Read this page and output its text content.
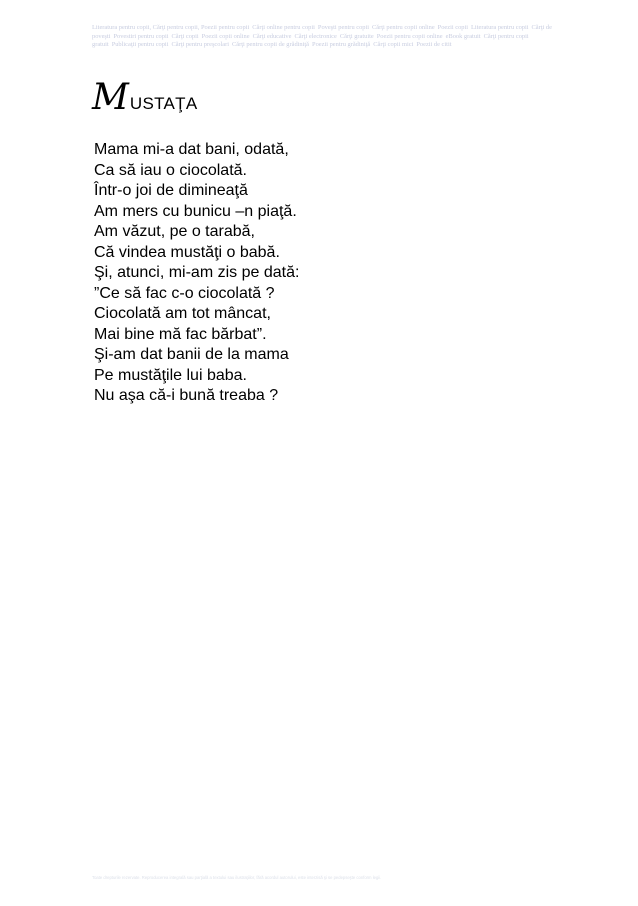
Literatura pentru copii, Cărţi pentru copii, Poezii pentru copii Cărţi online pentru copii Poveşti pentru copii Cărţi pentru copii online Poezii copii Literatura pentru copii Cărţi de poveşti Povestiri pentru copii Cărţi copii Poezii copii online Cărţi educative Cărţi electronice Cărţi gratuite Poezii pentru copii online eBook gratuit Cărţi pentru copii gratuit Publicaţii pentru copii Cărţi pentru preşcolari Cărţi pentru copii de grădiniţă Poezii pentru grădiniţă Cărţi copii mici Poezii de citit
M USTAŢA
Mama mi-a dat bani, odată,
Ca să iau o ciocolată.
Într-o joi de dimineaţă
Am mers cu bunicu –n piaţă.
Am văzut, pe o tarabă,
Că vindea mustăţi o babă.
Şi, atunci, mi-am zis pe dată:
”Ce să fac c-o ciocolată ?
Ciocolată am tot mâncat,
Mai bine mă fac bărbat”.
Şi-am dat banii de la mama
Pe mustăţile lui baba.
Nu aşa că-i bună treaba ?
Toate drepturile rezervate. Reproducerea integrală sau parţială a textului sau ilustraţiilor, fără acordul autorului, este interzisă şi se pedepseşte conform legii.
